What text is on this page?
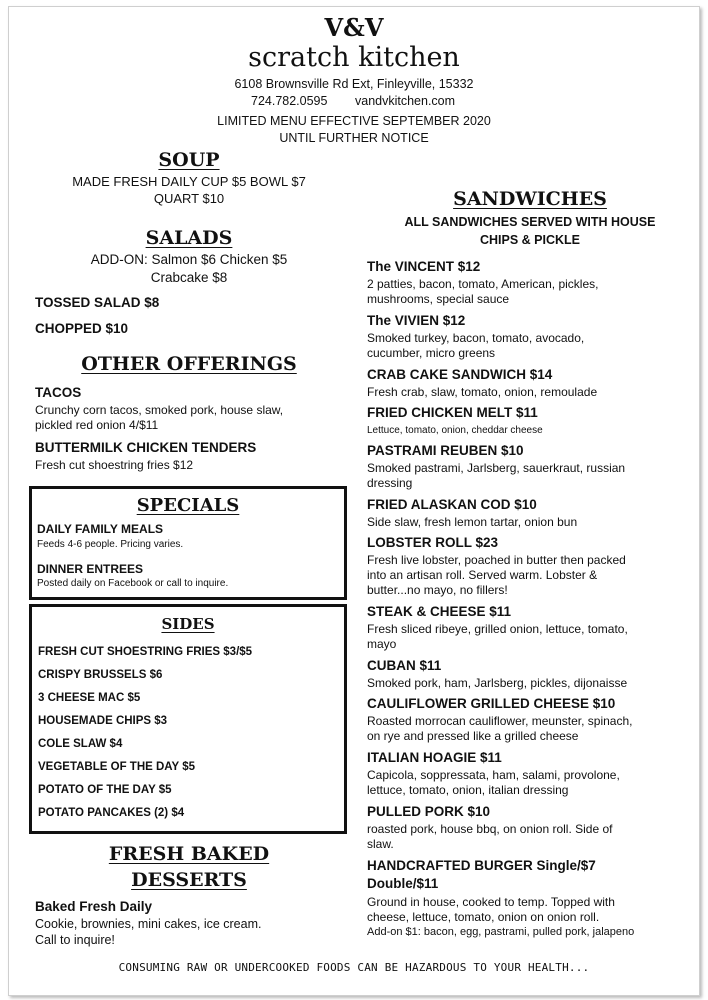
V&V
scratch kitchen
6108 Brownsville Rd Ext, Finleyville, 15332
724.782.0595 vandvkitchen.com
LIMITED MENU EFFECTIVE SEPTEMBER 2020
UNTIL FURTHER NOTICE
SOUP
MADE FRESH DAILY CUP $5 BOWL $7
QUART $10
SALADS
ADD-ON: Salmon $6 Chicken $5
Crabcake $8
TOSSED SALAD $8
CHOPPED $10
OTHER OFFERINGS
TACOS
Crunchy corn tacos, smoked pork, house slaw,
pickled red onion 4/$11
BUTTERMILK CHICKEN TENDERS
Fresh cut shoestring fries $12
SPECIALS
DAILY FAMILY MEALS
Feeds 4-6 people. Pricing varies.
DINNER ENTREES
Posted daily on Facebook or call to inquire.
SIDES
FRESH CUT SHOESTRING FRIES $3/$5
CRISPY BRUSSELS $6
3 CHEESE MAC $5
HOUSEMADE CHIPS $3
COLE SLAW $4
VEGETABLE OF THE DAY $5
POTATO OF THE DAY $5
POTATO PANCAKES (2) $4
FRESH BAKED
DESSERTS
Baked Fresh Daily
Cookie, brownies, mini cakes, ice cream.
Call to inquire!
SANDWICHES
ALL SANDWICHES SERVED WITH HOUSE
CHIPS & PICKLE
The VINCENT $12
2 patties, bacon, tomato, American, pickles,
mushrooms, special sauce
The VIVIEN $12
Smoked turkey, bacon, tomato, avocado,
cucumber, micro greens
CRAB CAKE SANDWICH $14
Fresh crab, slaw, tomato, onion, remoulade
FRIED CHICKEN MELT $11
Lettuce, tomato, onion, cheddar cheese
PASTRAMI REUBEN $10
Smoked pastrami, Jarlsberg, sauerkraut, russian
dressing
FRIED ALASKAN COD $10
Side slaw, fresh lemon tartar, onion bun
LOBSTER ROLL $23
Fresh live lobster, poached in butter then packed
into an artisan roll. Served warm. Lobster &
butter...no mayo, no fillers!
STEAK & CHEESE $11
Fresh sliced ribeye, grilled onion, lettuce, tomato,
mayo
CUBAN $11
Smoked pork, ham, Jarlsberg, pickles, dijonaisse
CAULIFLOWER GRILLED CHEESE $10
Roasted morrocan cauliflower, meunster, spinach,
on rye and pressed like a grilled cheese
ITALIAN HOAGIE $11
Capicola, soppressata, ham, salami, provolone,
lettuce, tomato, onion, italian dressing
PULLED PORK $10
roasted pork, house bbq, on onion roll. Side of
slaw.
HANDCRAFTED BURGER Single/$7
Double/$11
Ground in house, cooked to temp. Topped with
cheese, lettuce, tomato, onion on onion roll.
Add-on $1: bacon, egg, pastrami, pulled pork, jalapeno
CONSUMING RAW OR UNDERCOOKED FOODS CAN BE HAZARDOUS TO YOUR HEALTH...
